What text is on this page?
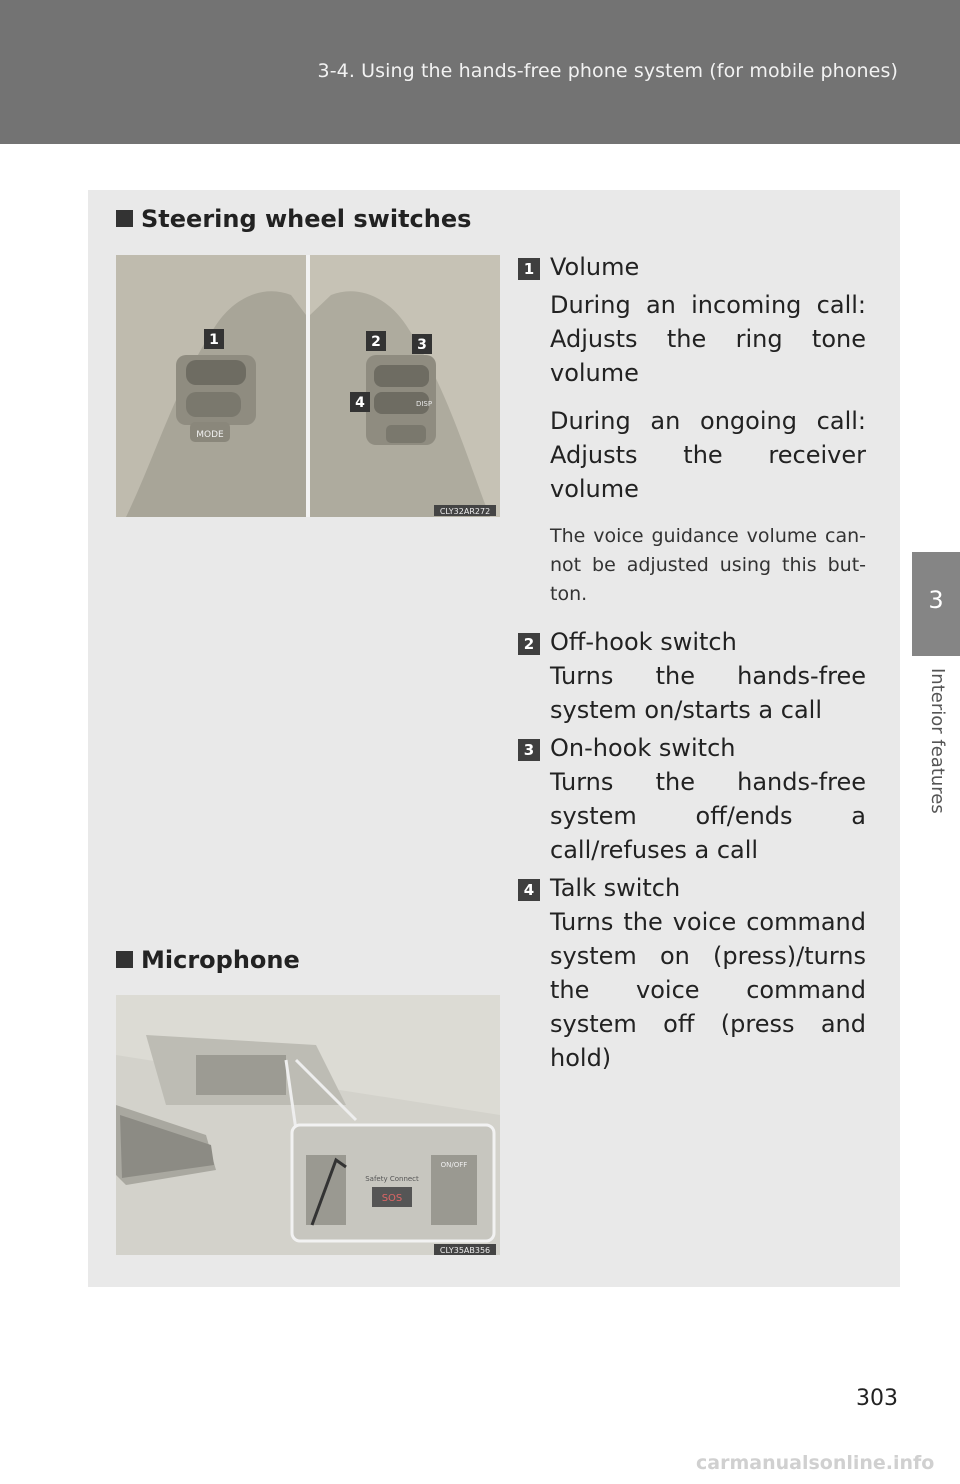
3-4. Using the hands-free phone system (for mobile phones)
3
Interior features
Steering wheel switches
MODE
DISP
1	2	3
4
CLY32AR272
1 Volume
During an incoming call: Adjusts the ring tone volume
During an ongoing call: Adjusts the receiver volume
The voice guidance volume can-not be adjusted using this but-ton.
2 Off-hook switch
Turns the hands-free system on/starts a call
3 On-hook switch
Turns the hands-free system off/ends a call/refuses a call
4 Talk switch
Turns the voice command system on (press)/turns the voice command system off (press and hold)
Microphone
ON/OFF
Safety Connect
SOS
CLY35AB356
303
carmanualsonline.info
